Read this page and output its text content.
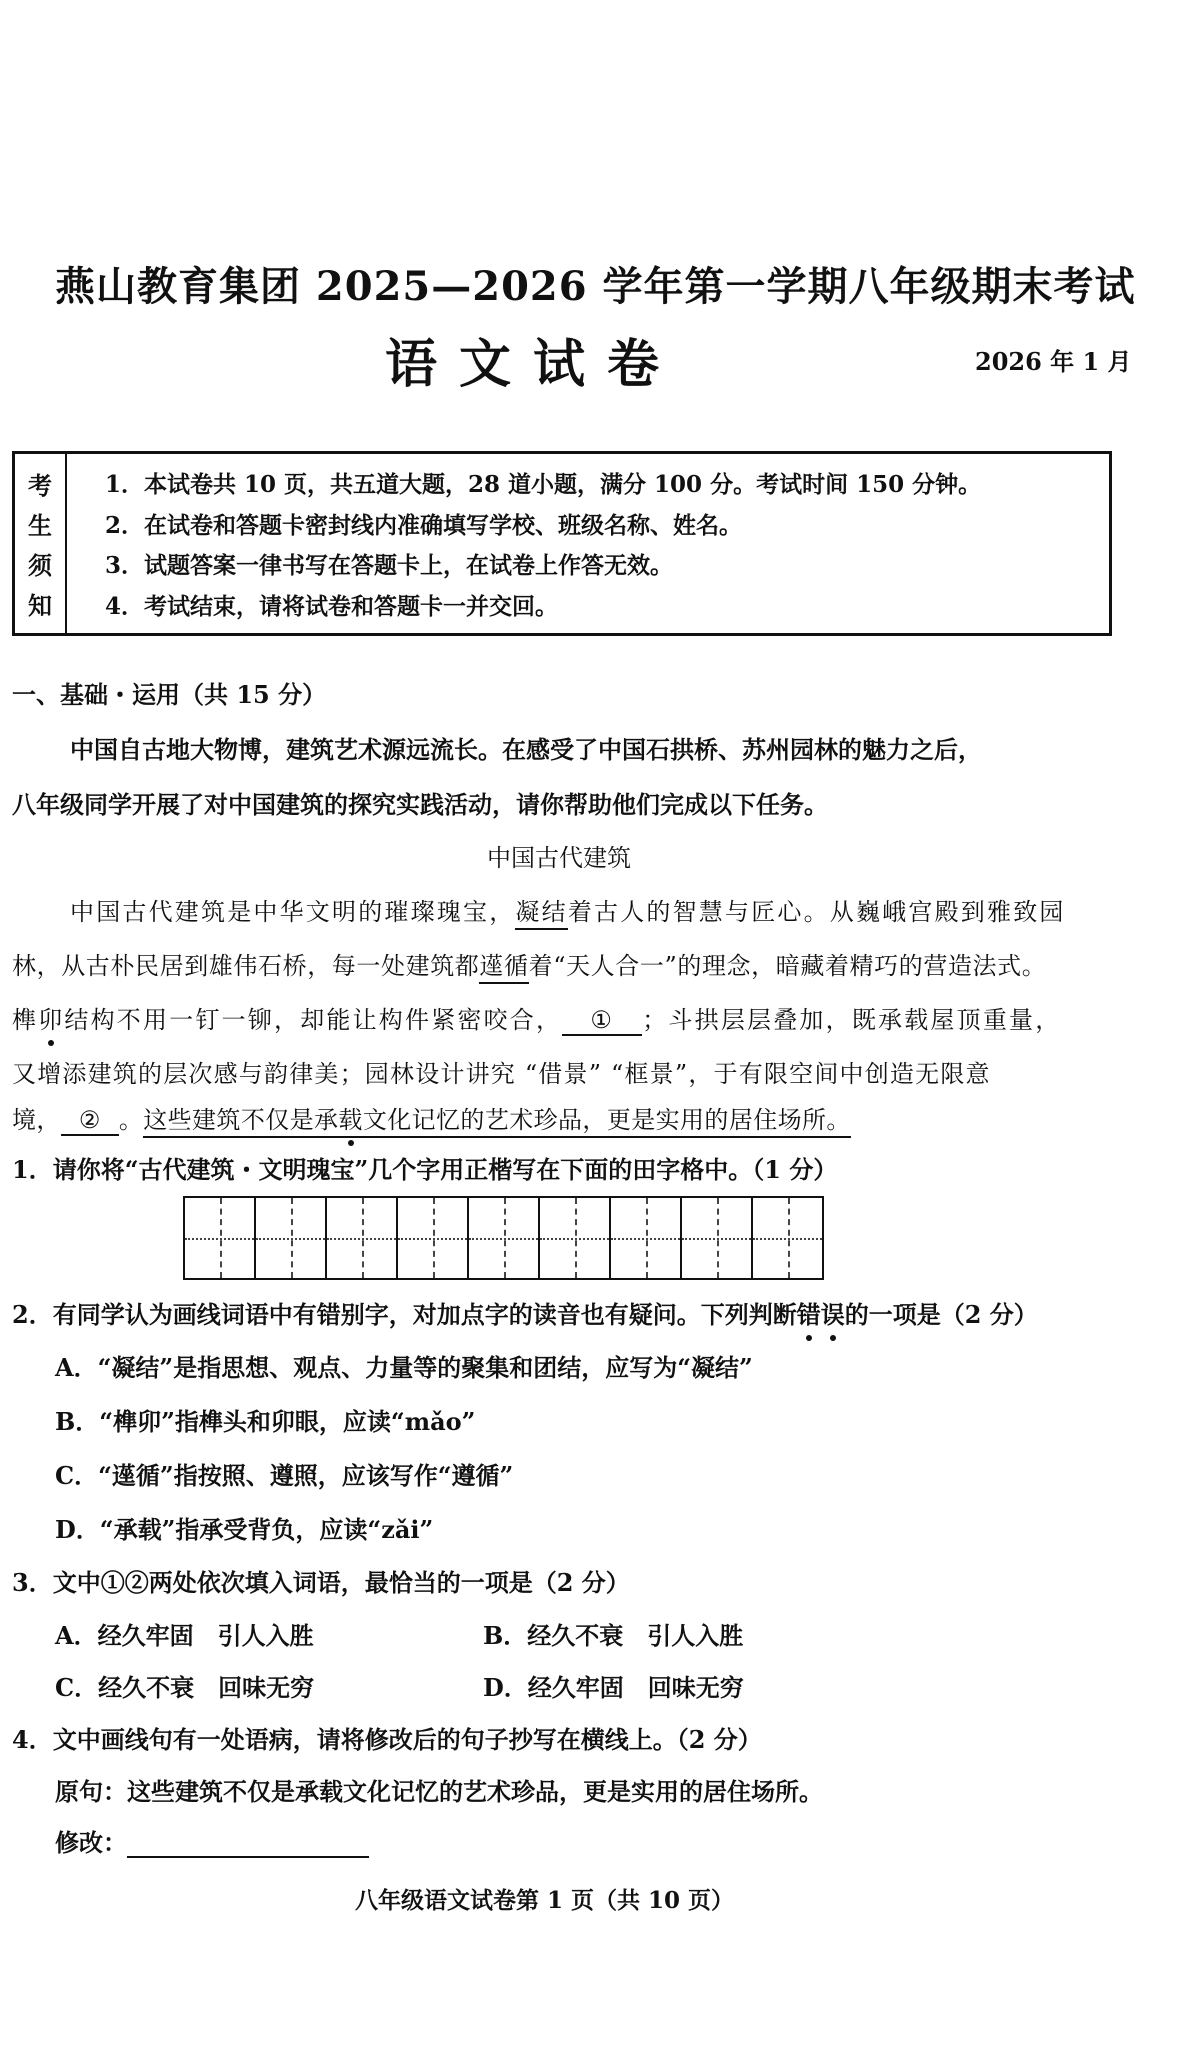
燕山教育集团 2025—2026 学年第一学期八年级期末考试
语文试卷	2026 年 1 月
考
生
须
知
1．本试卷共 10 页，共五道大题，28 道小题，满分 100 分。考试时间 150 分钟。
2．在试卷和答题卡密封线内准确填写学校、班级名称、姓名。
3．试题答案一律书写在答题卡上，在试卷上作答无效。
4．考试结束，请将试卷和答题卡一并交回。
一、基础・运用（共 15 分）
中国自古地大物博，建筑艺术源远流长。在感受了中国石拱桥、苏州园林的魅力之后，
八年级同学开展了对中国建筑的探究实践活动，请你帮助他们完成以下任务。
中国古代建筑
中国古代建筑是中华文明的璀璨瑰宝，凝结着古人的智慧与匠心。从巍峨宫殿到雅致园
林，从古朴民居到雄伟石桥，每一处建筑都遳循着“天人合一”的理念，暗藏着精巧的营造法式。
榫卯结构不用一钉一铆，却能让构件紧密咬合， ① ；斗拱层层叠加，既承载屋顶重量，
又增添建筑的层次感与韵律美；园林设计讲究 “借景” “框景”，于有限空间中创造无限意
境， ② 。这些建筑不仅是承载文化记忆的艺术珍品，更是实用的居住场所。
1．请你将“古代建筑・文明瑰宝”几个字用正楷写在下面的田字格中。（1 分）
2．有同学认为画线词语中有错别字，对加点字的读音也有疑问。下列判断错误的一项是（2 分）
A．“凝结”是指思想、观点、力量等的聚集和团结，应写为“凝结”
B．“榫卯”指榫头和卯眼，应读“mǎo”
C．“遳循”指按照、遵照，应该写作“遵循”
D．“承载”指承受背负，应读“zǎi”
3．文中①②两处依次填入词语，最恰当的一项是（2 分）
A．经久牢固　引人入胜	B．经久不衰　引人入胜
C．经久不衰　回味无穷	D．经久牢固　回味无穷
4．文中画线句有一处语病，请将修改后的句子抄写在横线上。（2 分）
原句：这些建筑不仅是承载文化记忆的艺术珍品，更是实用的居住场所。
修改：
八年级语文试卷第 1 页（共 10 页）
